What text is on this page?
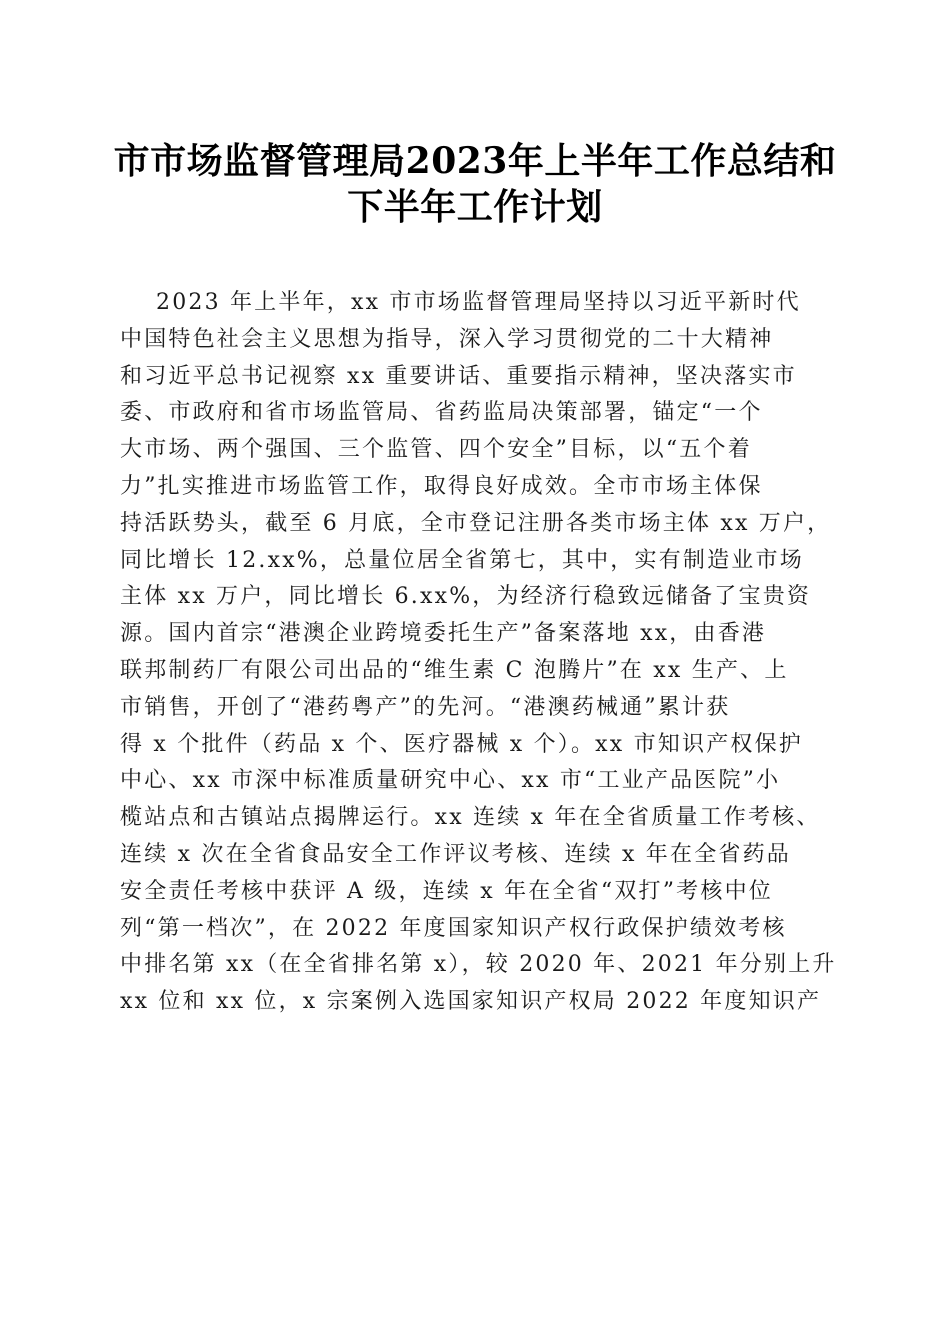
市市场监督管理局2023年上半年工作总结和
下半年工作计划
2023 年上半年，xx 市市场监督管理局坚持以习近平新时代
中国特色社会主义思想为指导，深入学习贯彻党的二十大精神
和习近平总书记视察 xx 重要讲话、重要指示精神，坚决落实市
委、市政府和省市场监管局、省药监局决策部署，锚定“一个
大市场、两个强国、三个监管、四个安全”目标，以“五个着
力”扎实推进市场监管工作，取得良好成效。全市市场主体保
持活跃势头，截至 6 月底，全市登记注册各类市场主体 xx 万户，
同比增长 12.xx%，总量位居全省第七，其中，实有制造业市场
主体 xx 万户，同比增长 6.xx%，为经济行稳致远储备了宝贵资
源。国内首宗“港澳企业跨境委托生产”备案落地 xx，由香港
联邦制药厂有限公司出品的“维生素 C 泡腾片”在 xx 生产、上
市销售，开创了“港药粤产”的先河。“港澳药械通”累计获
得 x 个批件（药品 x 个、医疗器械 x 个）。xx 市知识产权保护
中心、xx 市深中标准质量研究中心、xx 市“工业产品医院”小
榄站点和古镇站点揭牌运行。xx 连续 x 年在全省质量工作考核、
连续 x 次在全省食品安全工作评议考核、连续 x 年在全省药品
安全责任考核中获评 A 级，连续 x 年在全省“双打”考核中位
列“第一档次”，在 2022 年度国家知识产权行政保护绩效考核
中排名第 xx（在全省排名第 x），较 2020 年、2021 年分别上升
xx 位和 xx 位，x 宗案例入选国家知识产权局 2022 年度知识产
